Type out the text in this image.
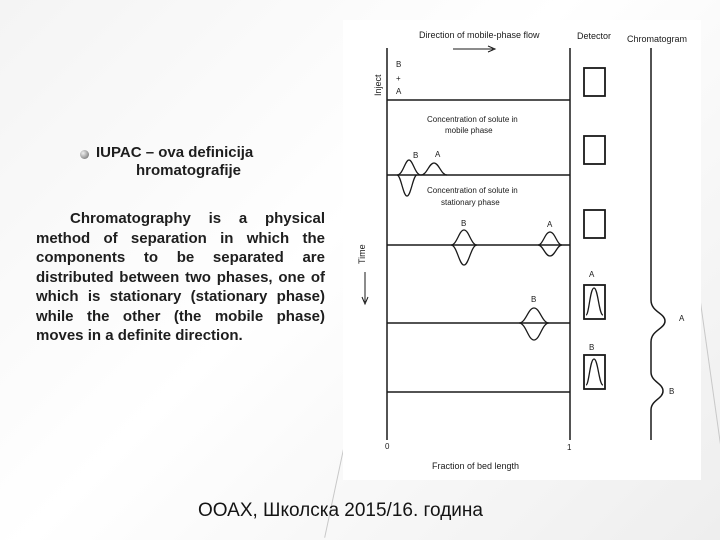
IUPAC – ova definicija
hromatografije

Chromatography is a physical method of separation in which the components to be separated are distributed between two phases, one of which is stationary (stationary phase) while the other (the mobile phase) moves in a definite direction.

Direction of mobile-phase flow	Detector Chromatogram
Inject
B
+
A
Concentration of solute in mobile phase
B A
Concentration of solute in stationary phase
B	A
B
A
B
A
B
Time
0	1
Fraction of bed length
ООАХ, Школска 2015/16. година
